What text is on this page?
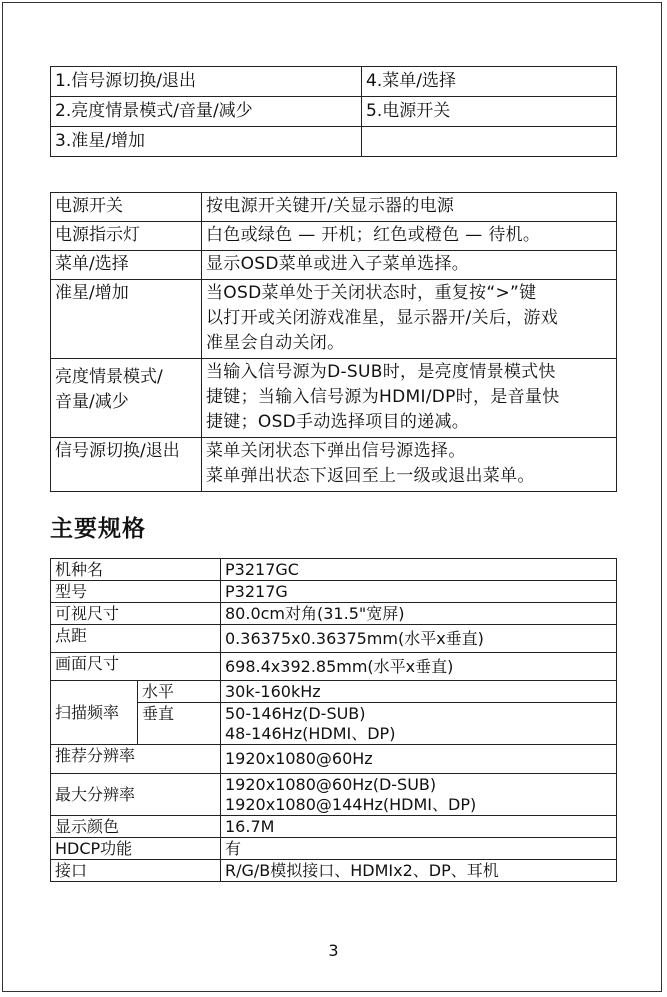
1.信号源切换/退出	4.菜单/选择
2.亮度情景模式/音量/减少	5.电源开关
3.准星/增加	
电源开关	按电源开关键开/关显示器的电源

电源指示灯	白色或绿色 — 开机；红色或橙色 — 待机。

菜单/选择	显示OSD菜单或进入子菜单选择。

准星/增加	当OSD菜单处于关闭状态时，重复按“>”键
以打开或关闭游戏准星，显示器开/关后，游戏
准星会自动关闭。

亮度情景模式/
音量/减少	当输入信号源为D-SUB时，是亮度情景模式快
捷键；当输入信号源为HDMI/DP时，是音量快
捷键；OSD手动选择项目的递减。

信号源切换/退出	菜单关闭状态下弹出信号源选择。
菜单弹出状态下返回至上一级或退出菜单。
主要规格
机种名		P3217GC
型号		P3217G
可视尺寸		80.0cm对角(31.5"宽屏)
点距		0.36375x0.36375mm(水平x垂直)
画面尺寸		698.4x392.85mm(水平x垂直)
扫描频率	水平	30k-160kHz
	垂直	50-146Hz(D-SUB)
48-146Hz(HDMI、DP)

推荐分辨率		1920x1080@60Hz
最大分辨率		1920x1080@60Hz(D-SUB)
1920x1080@144Hz(HDMI、DP)

显示颜色		16.7M
HDCP功能		有
接口		R/G/B模拟接口、HDMIx2、DP、耳机
3
